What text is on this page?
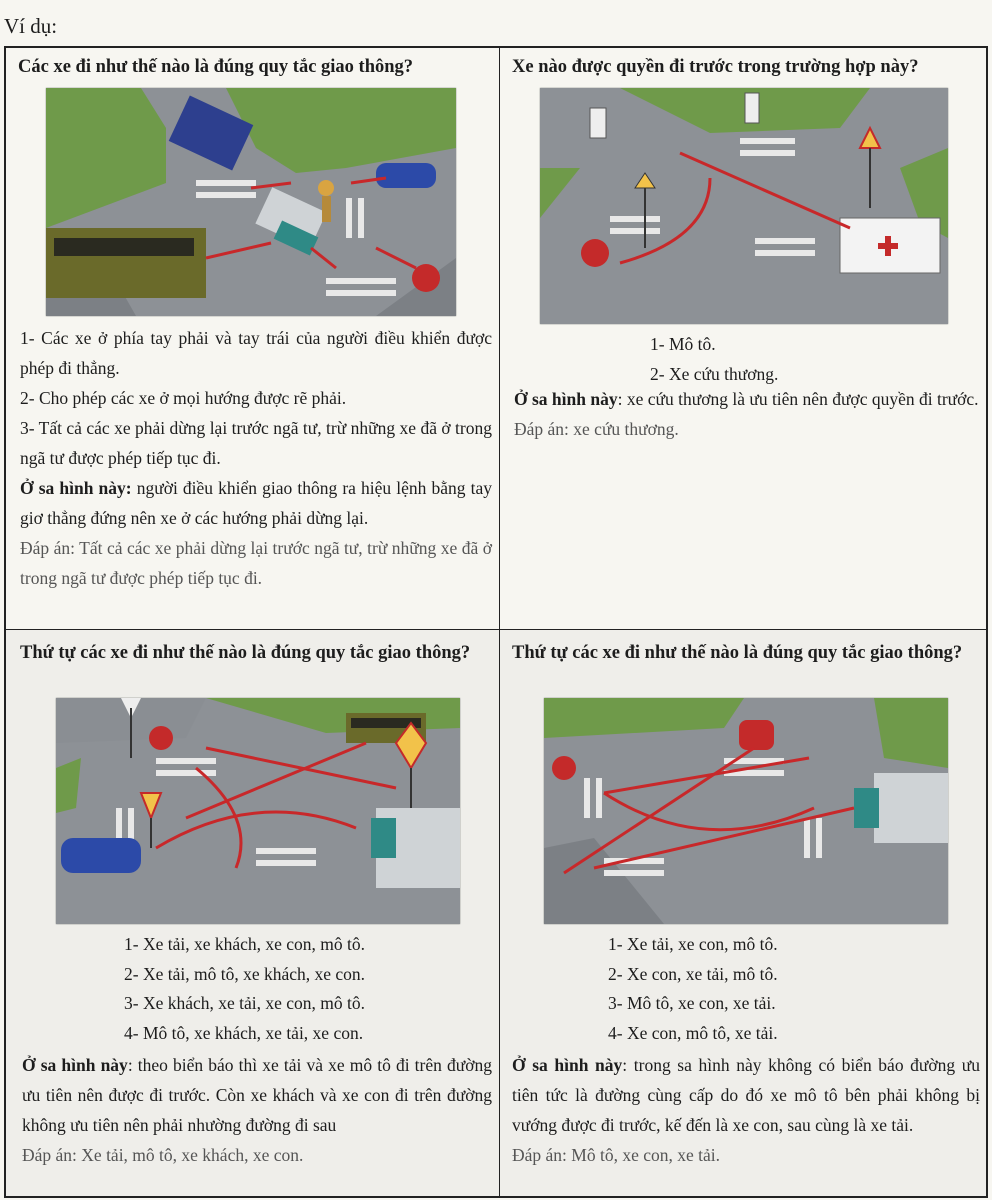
Ví dụ:
Các xe đi như thế nào là đúng quy tắc giao thông?

1- Các xe ở phía tay phải và tay trái của người điều khiển được phép đi thẳng.

2- Cho phép các xe ở mọi hướng được rẽ phải.

3- Tất cả các xe phải dừng lại trước ngã tư, trừ những xe đã ở trong ngã tư được phép tiếp tục đi.

Ở sa hình này: người điều khiển giao thông ra hiệu lệnh bằng tay giơ thẳng đứng nên xe ở các hướng phải dừng lại.

Đáp án: Tất cả các xe phải dừng lại trước ngã tư, trừ những xe đã ở trong ngã tư được phép tiếp tục đi.

Xe nào được quyền đi trước trong trường hợp này?
1- Mô tô.
2- Xe cứu thương.

Ở sa hình này: xe cứu thương là ưu tiên nên được quyền đi trước.

Đáp án: xe cứu thương.

Thứ tự các xe đi như thế nào là đúng quy tắc giao thông?
1- Xe tải, xe khách, xe con, mô tô.
2- Xe tải, mô tô, xe khách, xe con.
3- Xe khách, xe tải, xe con, mô tô.
4- Mô tô, xe khách, xe tải, xe con.

Ở sa hình này: theo biển báo thì xe tải và xe mô tô đi trên đường ưu tiên nên được đi trước. Còn xe khách và xe con đi trên đường không ưu tiên nên phải nhường đường đi sau

Đáp án: Xe tải, mô tô, xe khách, xe con.

Thứ tự các xe đi như thế nào là đúng quy tắc giao thông?
1- Xe tải, xe con, mô tô.
2- Xe con, xe tải, mô tô.
3- Mô tô, xe con, xe tải.
4- Xe con, mô tô, xe tải.

Ở sa hình này: trong sa hình này không có biển báo đường ưu tiên tức là đường cùng cấp do đó xe mô tô bên phải không bị vướng được đi trước, kế đến là xe con, sau cùng là xe tải.

Đáp án: Mô tô, xe con, xe tải.
